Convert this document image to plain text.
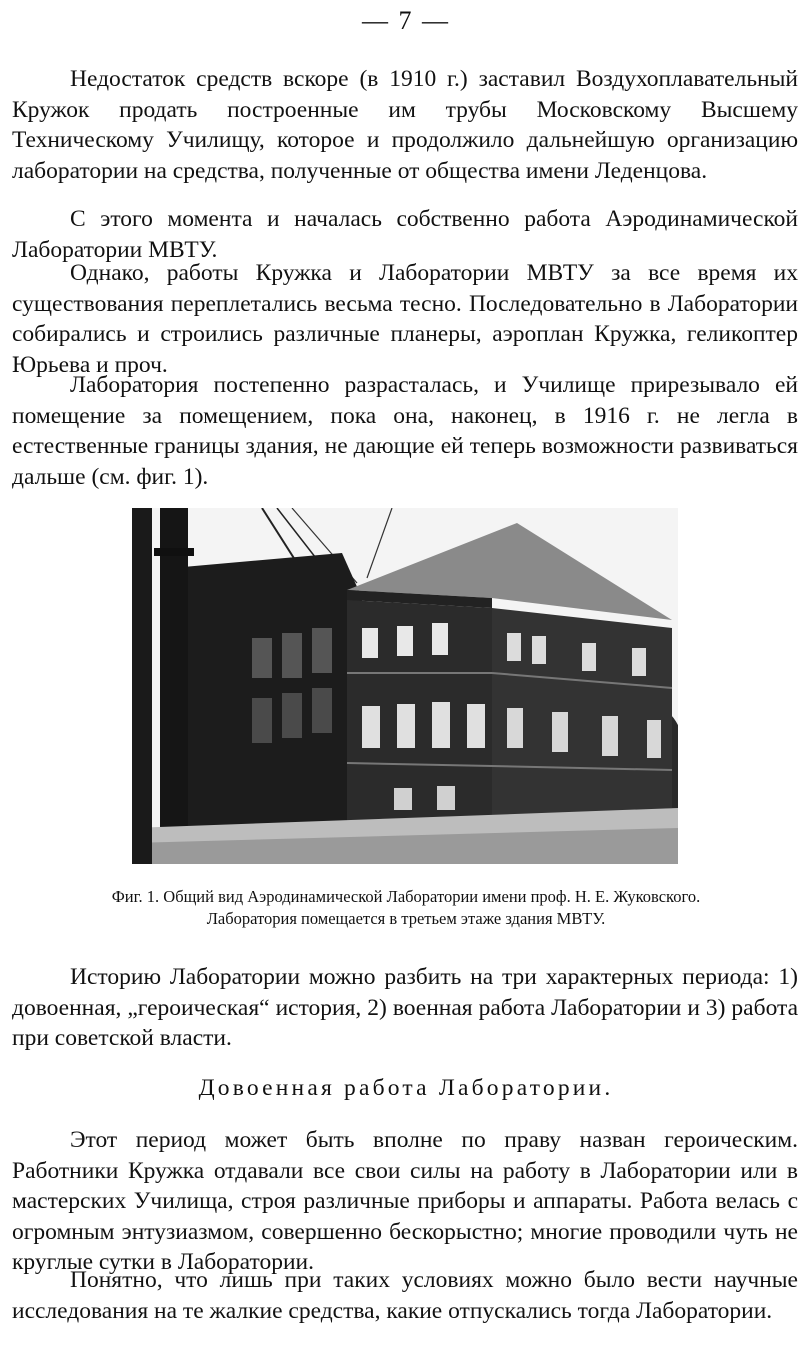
— 7 —

Недостаток средств вскоре (в 1910 г.) заставил Воздухоплавательный Кружок продать построенные им трубы Московскому Высшему Техническому Училищу, которое и продолжило дальнейшую организацию лаборатории на средства, полученные от общества имени Леденцова.

С этого момента и началась собственно работа Аэродинамической Лаборатории МВТУ.

Однако, работы Кружка и Лаборатории МВТУ за все время их существования переплетались весьма тесно. Последовательно в Лаборатории собирались и строились различные планеры, аэроплан Кружка, геликоптер Юрьева и проч.

Лаборатория постепенно разрасталась, и Училище прирезывало ей помещение за помещением, пока она, наконец, в 1916 г. не легла в естественные границы здания, не дающие ей теперь возможности развиваться дальше (см. фиг. 1).

Фиг. 1. Общий вид Аэродинамической Лаборатории имени проф. Н. Е. Жуковского.
Лаборатория помещается в третьем этаже здания МВТУ.

Историю Лаборатории можно разбить на три характерных периода: 1) довоенная, „героическая“ история, 2) военная работа Лаборатории и 3) работа при советской власти.

Довоенная работа Лаборатории.

Этот период может быть вполне по праву назван героическим. Работники Кружка отдавали все свои силы на работу в Лаборатории или в мастерских Училища, строя различные приборы и аппараты. Работа велась с огромным энтузиазмом, совершенно бескорыстно; многие проводили чуть не круглые сутки в Лаборатории.

Понятно, что лишь при таких условиях можно было вести научные исследования на те жалкие средства, какие отпускались тогда Лаборатории.
